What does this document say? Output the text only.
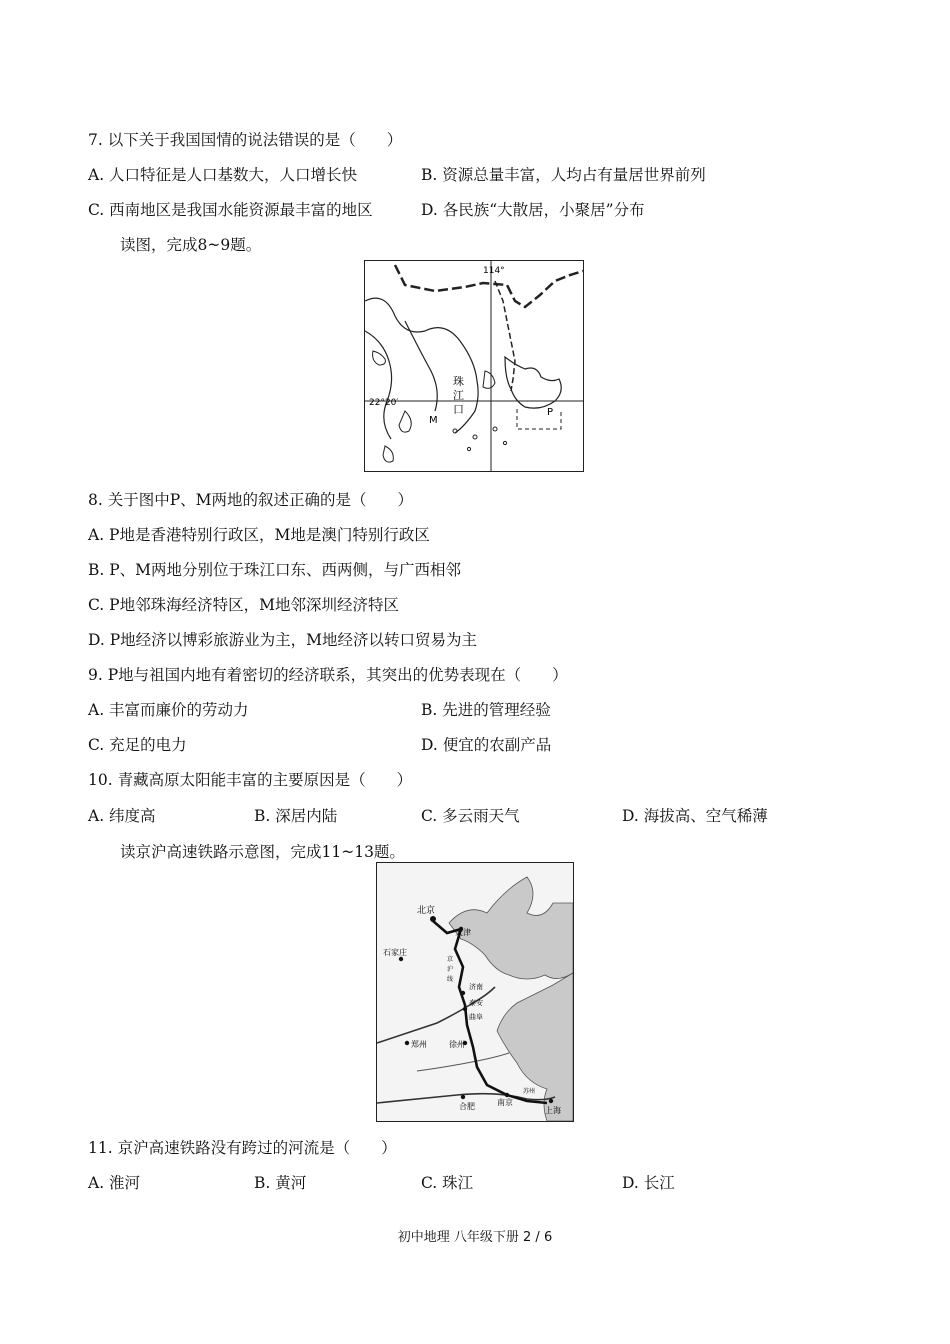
7. 以下关于我国国情的说法错误的是（　　）
A. 人口特征是人口基数大，人口增长快	B. 资源总量丰富，人均占有量居世界前列
C. 西南地区是我国水能资源最丰富的地区	D. 各民族“大散居，小聚居”分布
读图，完成8~9题。
114°
22°20′
珠
江
口
M
P
8. 关于图中P、M两地的叙述正确的是（　　）
A. P地是香港特别行政区，M地是澳门特别行政区
B. P、M两地分别位于珠江口东、西两侧，与广西相邻
C. P地邻珠海经济特区，M地邻深圳经济特区
D. P地经济以博彩旅游业为主，M地经济以转口贸易为主
9. P地与祖国内地有着密切的经济联系，其突出的优势表现在（　　）
A. 丰富而廉价的劳动力	B. 先进的管理经验
C. 充足的电力	D. 便宜的农副产品
10. 青藏高原太阳能丰富的主要原因是（　　）
A. 纬度高	B. 深居内陆	C. 多云雨天气	D. 海拔高、空气稀薄
读京沪高速铁路示意图，完成11~13题。
北京
天津
石家庄
济南
泰安
曲阜
郑州	徐州
合肥	南京
上海
京
沪
线
苏州
11. 京沪高速铁路没有跨过的河流是（　　）
A. 淮河	B. 黄河	C. 珠江	D. 长江
初中地理 八年级下册 2 / 6
